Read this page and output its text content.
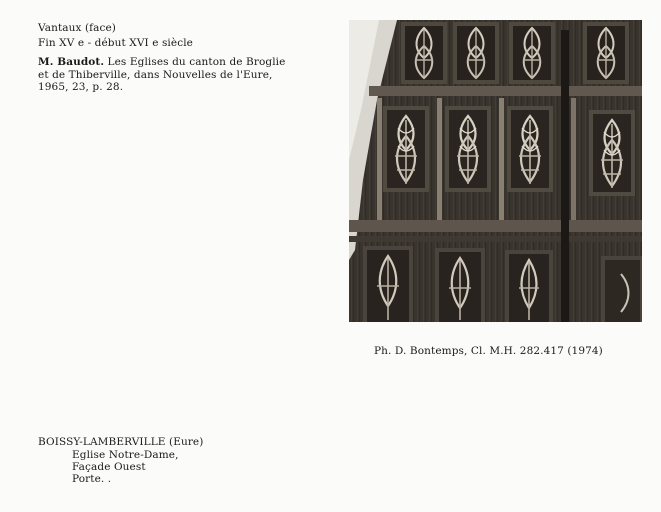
Vantaux (face)
Fin XV e - début XVI e siècle
M. Baudot. Les Eglises du canton de Broglie
et de Thiberville, dans Nouvelles de l'Eure,
1965, 23, p. 28.
Ph. D. Bontemps, Cl. M.H. 282.417 (1974)
BOISSY-LAMBERVILLE (Eure)
Eglise Notre-Dame,
Façade Ouest
Porte. .
